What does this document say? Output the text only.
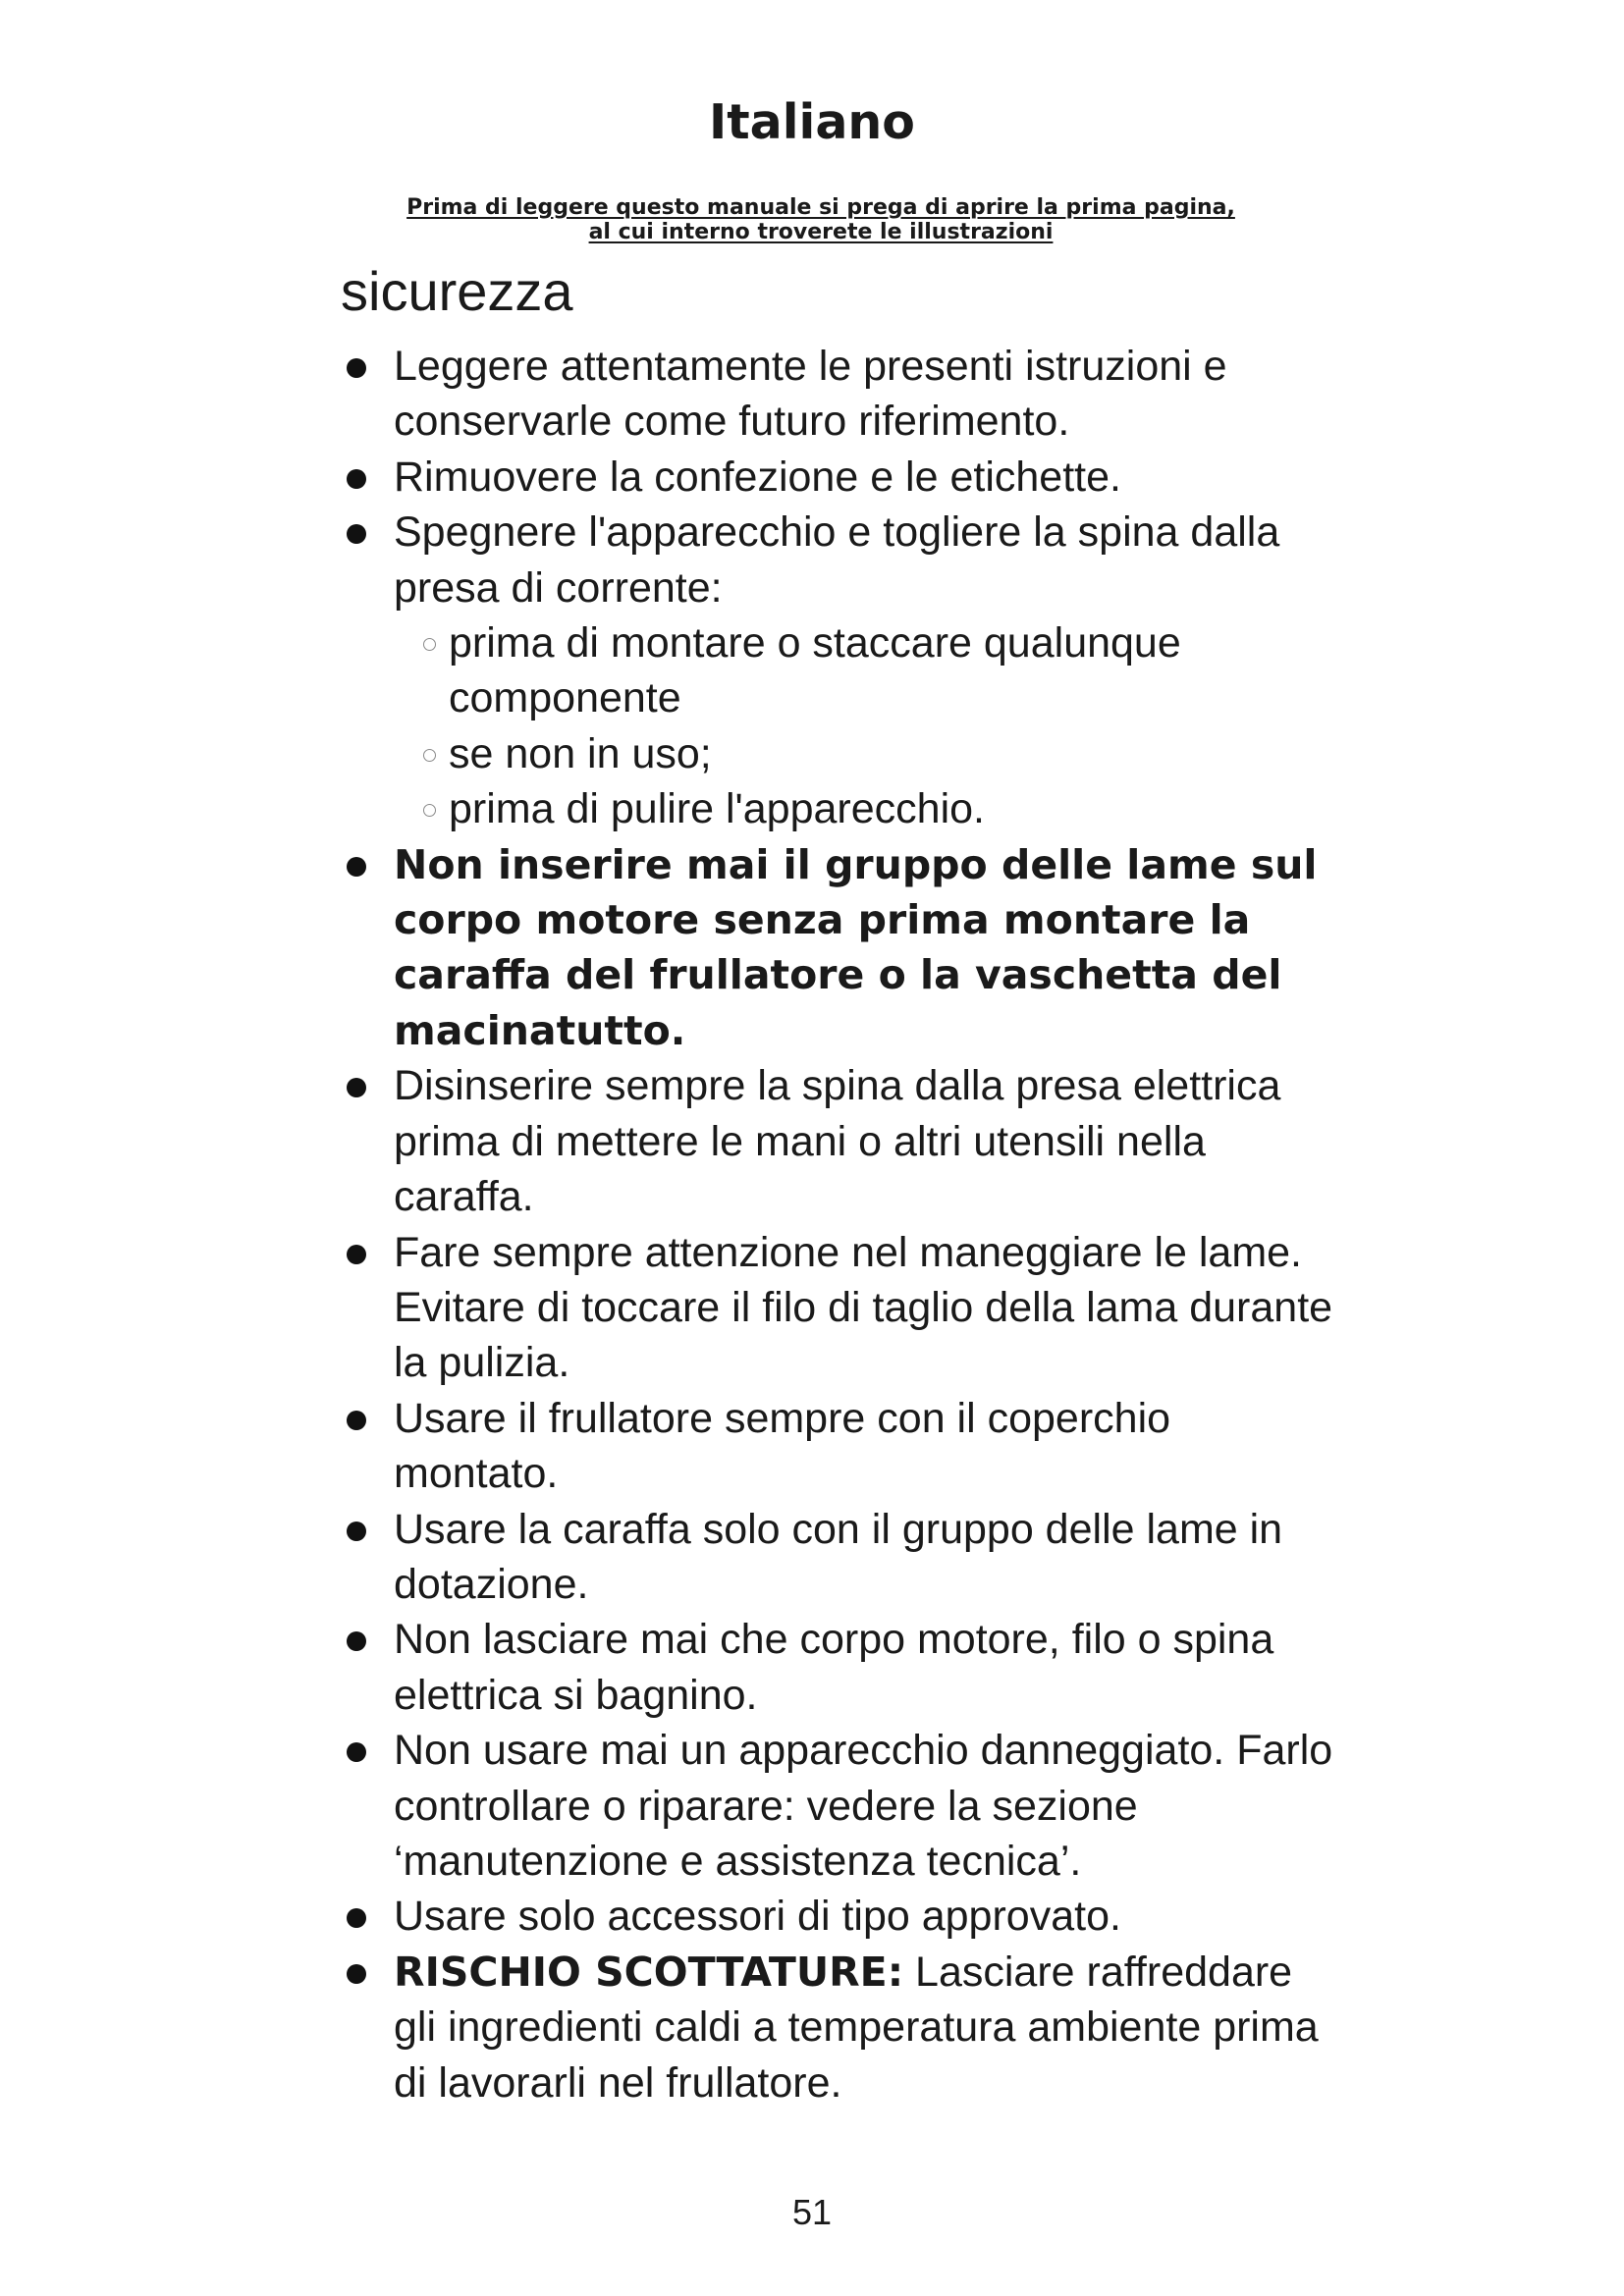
Italiano
Prima di leggere questo manuale si prega di aprire la prima pagina,
al cui interno troverete le illustrazioni
sicurezza
Leggere attentamente le presenti istruzioni e conservarle come futuro riferimento.
Rimuovere la confezione e le etichette.
Spegnere l'apparecchio e togliere la spina dalla presa di corrente:
prima di montare o staccare qualunque componente
se non in uso;
prima di pulire l'apparecchio.
Non inserire mai il gruppo delle lame sul corpo motore senza prima montare la caraffa del frullatore o la vaschetta del macinatutto.
Disinserire sempre la spina dalla presa elettrica prima di mettere le mani o altri utensili nella caraffa.
Fare sempre attenzione nel maneggiare le lame. Evitare di toccare il filo di taglio della lama durante la pulizia.
Usare il frullatore sempre con il coperchio montato.
Usare la caraffa solo con il gruppo delle lame in dotazione.
Non lasciare mai che corpo motore, filo o spina elettrica si bagnino.
Non usare mai un apparecchio danneggiato. Farlo controllare o riparare: vedere la sezione ‘manutenzione e assistenza tecnica’.
Usare solo accessori di tipo approvato.
RISCHIO SCOTTATURE: Lasciare raffreddare gli ingredienti caldi a temperatura ambiente prima di lavorarli nel frullatore.
51
